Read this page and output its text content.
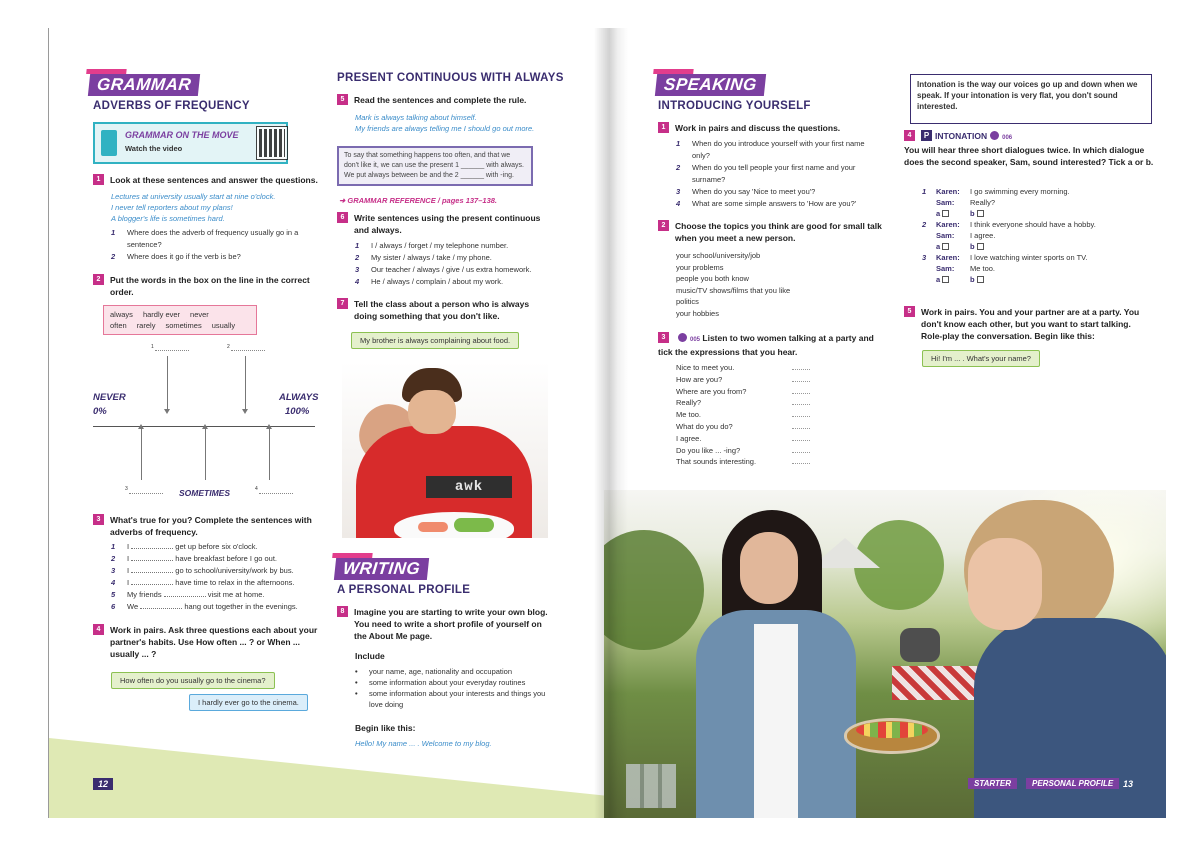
GRAMMAR
ADVERBS OF FREQUENCY
GRAMMAR ON THE MOVE
Watch the video
1 Look at these sentences and answer the questions.
Lectures at university usually start at nine o'clock.
I never tell reporters about my plans!
A blogger's life is sometimes hard.
1	Where does the adverb of frequency usually go in a sentence?
2	Where does it go if the verb is be?
2 Put the words in the box on the line in the correct order.
always hardly ever never
often rarely sometimes usually
1	2
NEVER
0%
ALWAYS
100%
3	SOMETIMES	4
3 What's true for you? Complete the sentences with adverbs of frequency.
1	I

	get up before six o'clock.
2	I

	have breakfast before I go out.
3	I

	go to school/university/work by bus.
4	I

	have time to relax in the afternoons.
5	My friends

	visit me at home.
6	We

	hang out together in the evenings.
4 Work in pairs. Ask three questions each about your partner's habits. Use How often ... ? or When ... usually ... ?
How often do you usually go to the cinema?
I hardly ever go to the cinema.
PRESENT CONTINUOUS WITH ALWAYS
5 Read the sentences and complete the rule.
Mark is always talking about himself.
My friends are always telling me I should go out more.
To say that something happens too often, and that we don't like it, we can use the present 1 ______ with always. We put always between be and the 2 ______ with -ing.
➜ GRAMMAR REFERENCE / pages 137–138.
6 Write sentences using the present continuous and always.
1	I / always / forget / my telephone number.
2	My sister / always / take / my phone.
3	Our teacher / always / give / us extra homework.
4	He / always / complain / about my work.
7 Tell the class about a person who is always doing something that you don't like.
My brother is always complaining about food.
awk
WRITING
A PERSONAL PROFILE
8 Imagine you are starting to write your own blog. You need to write a short profile of yourself on the About Me page.
Include
•	your name, age, nationality and occupation
•	some information about your everyday routines
•	some information about your interests and things you love doing
Begin like this:
Hello! My name ... . Welcome to my blog.
12
SPEAKING
INTRODUCING YOURSELF
1 Work in pairs and discuss the questions.
1	When do you introduce yourself with your first name only?
2	When do you tell people your first name and your surname?
3	When do you say 'Nice to meet you'?
4	What are some simple answers to 'How are you?'
2 Choose the topics you think are good for small talk when you meet a new person.
your school/university/job
your problems
people you both know
music/TV shows/films that you like
politics
your hobbies
3	005 Listen to two women talking at a party and tick the expressions that you hear.
Nice to meet you.
How are you?
Where are you from?
Really?
Me too.
What do you do?
I agree.
Do you like ... -ing?
That sounds interesting.
Intonation is the way our voices go up and down when we speak. If your intonation is very flat, you don't sound interested.
4 P INTONATION	006
You will hear three short dialogues twice. In which dialogue does the second speaker, Sam, sound interested? Tick a or b.
1	Karen:	I go swimming every morning.
Sam:	Really?
a	b
2	Karen:	I think everyone should have a hobby.
Sam:	I agree.
a	b
3	Karen:	I love watching winter sports on TV.
Sam:	Me too.
a	b
5 Work in pairs. You and your partner are at a party. You don't know each other, but you want to start talking. Role-play the conversation. Begin like this:
Hi! I'm ... . What's your name?
STARTER	PERSONAL PROFILE	13
